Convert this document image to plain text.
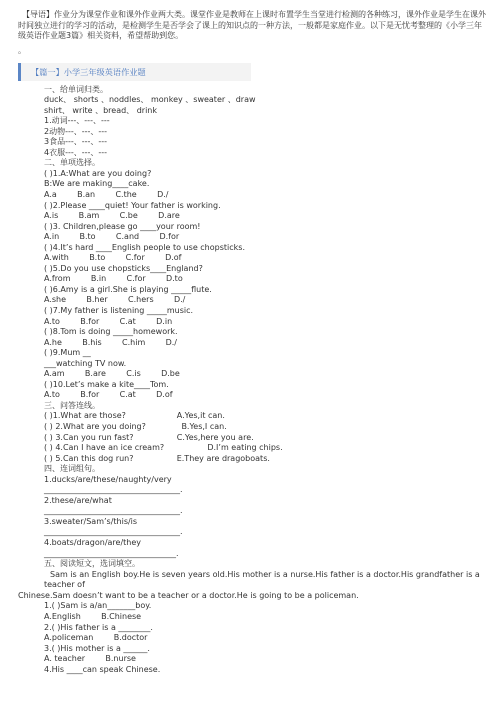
【导语】作业分为课堂作业和课外作业两大类。课堂作业是教师在上课时布置学生当堂进行检测的各种练习，课外作业是学生在课外时间独立进行的学习的活动，是检测学生是否学会了课上的知识点的一种方法，一般都是家庭作业。以下是无忧考整理的《小学三年级英语作业题3篇》相关资料，希望帮助到您。

。

【篇一】小学三年级英语作业题

一、给单词归类。

duck、 shorts 、noddles、 monkey 、sweater 、draw

shirt、 write 、bread、 drink

1.动词---、---、---

2动物---、---、---

3食品---、---、---

4衣服---、---、---

二、单项选择。

( )1.A:What are you doing?

B:We are making____cake.

A.a        B.an        C.the        D./

( )2.Please ____quiet! Your father is working.

A.is        B.am        C.be        D.are

( )3. Children,please go ____your room!

A.in        B.to        C.and        D.for

( )4.It’s hard ____English people to use chopsticks.

A.with        B.to        C.for        D.of

( )5.Do you use chopsticks____England?

A.from        B.in        C.for        D.to

( )6.Amy is a girl.She is playing _____flute.

A.she        B.her        C.hers        D./

( )7.My father is listening _____music.

A.to        B.for        C.at        D.in

( )8.Tom is doing _____homework.

A.he        B.his        C.him        D./

( )9.Mum __

___watching TV now.

A.am        B.are        C.is        D.be

( )10.Let’s make a kite____Tom.

A.to        B.for        C.at        D.of

三、问答连线。

( )1.What are those?                    A.Yes,it can.

( ) 2.What are you doing?              B.Yes,I can.

( ) 3.Can you run fast?                 C.Yes,here you are.

( ) 4.Can I have an ice cream?                 D.I’m eating chips.

( ) 5.Can this dog run?                 E.They are dragoboats.

四、连词组句。

1.ducks/are/these/naughty/very

__________________________________.

2.these/are/what

__________________________________.

3.sweater/Sam’s/this/is

__________________________________.

4.boats/dragon/are/they

_________________________________.

五、阅读短文，选词填空。

Sam is an English boy.He is seven years old.His mother is a nurse.His father is a doctor.His grandfather is a teacher of

Chinese.Sam doesn’t want to be a teacher or a doctor.He is going to be a policeman.

1.( )Sam is a/an_______boy.

A.English        B.Chinese

2.( )His father is a ________.

A.policeman        B.doctor

3.( )His mother is a ______.

A. teacher        B.nurse

4.His ____can speak Chinese.
